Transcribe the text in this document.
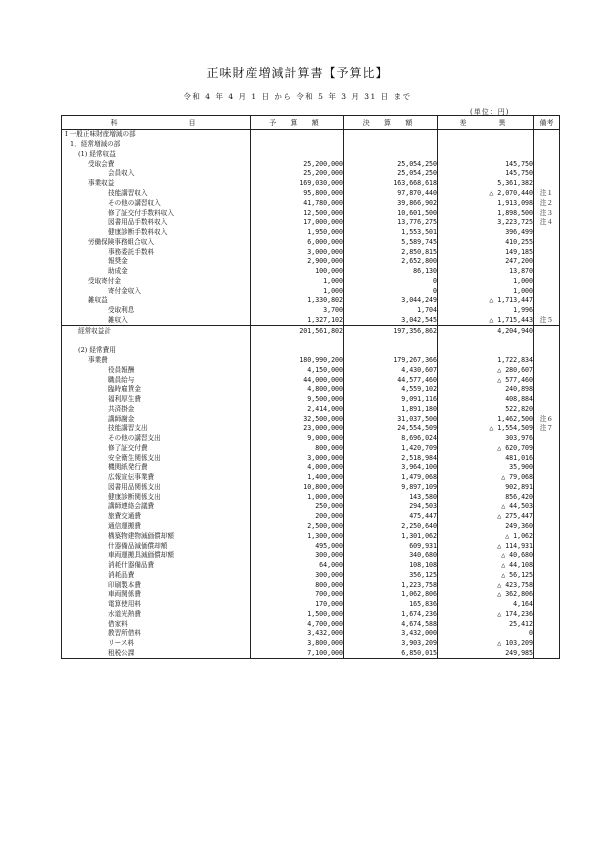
正味財産増減計算書【予算比】
令和 4 年 4 月 1 日 から 令和 5 年 3 月 31 日 まで
(単位：円)
科　　　　　目	予 算 額	決 算 額	差　　異	備考
Ⅰ 一般正味財産増減の部				
1．経常増減の部				
(1) 経常収益				
受取会費	25,200,000	25,054,250	145,750	
会員収入	25,200,000	25,054,250	145,750	
事業収益	169,030,000	163,668,618	5,361,382	
技能講習収入	95,800,000	97,870,440	△ 2,070,440	注１
その他の講習収入	41,780,000	39,866,902	1,913,098	注２
修了証交付手数料収入	12,500,000	10,601,500	1,898,500	注３
図書用品手数料収入	17,000,000	13,776,275	3,223,725	注４
健康診断手数料収入	1,950,000	1,553,501	396,499	
労働保険事務組合収入	6,000,000	5,589,745	410,255	
事務委託手数料	3,000,000	2,850,815	149,185	
報奨金	2,900,000	2,652,800	247,200	
助成金	100,000	86,130	13,870	
受取寄付金	1,000	0	1,000	
寄付金収入	1,000	0	1,000	
雑収益	1,330,802	3,044,249	△ 1,713,447	
受取利息	3,700	1,704	1,996	
雑収入	1,327,102	3,042,545	△ 1,715,443	注５
経常収益計	201,561,802	197,356,862	4,204,940	

(2) 経常費用				
事業費	180,990,200	179,267,366	1,722,834	
役員報酬	4,150,000	4,430,607	△ 280,607	
職員給与	44,000,000	44,577,460	△ 577,460	
臨時雇賃金	4,800,000	4,559,102	240,898	
福利厚生費	9,500,000	9,091,116	408,884	
共済掛金	2,414,000	1,891,180	522,820	
講師謝金	32,500,000	31,037,500	1,462,500	注６
技能講習支出	23,000,000	24,554,509	△ 1,554,509	注７
その他の講習支出	9,000,000	8,696,024	303,976	
修了証交付費	800,000	1,420,709	△ 620,709	
安全衛生関係支出	3,000,000	2,518,984	481,016	
機関紙発行費	4,000,000	3,964,100	35,900	
広報宣伝事業費	1,400,000	1,479,068	△ 79,068	
図書用品関係支出	10,800,000	9,897,109	902,891	
健康診断関係支出	1,000,000	143,580	856,420	
講師連絡会議費	250,000	294,503	△ 44,503	
旅費交通費	200,000	475,447	△ 275,447	
通信運搬費	2,500,000	2,250,640	249,360	
構築物建物減価償却額	1,300,000	1,301,062	△ 1,062	
什器備品減価償却額	495,000	609,931	△ 114,931	
車両運搬具減価償却額	300,000	340,680	△ 40,680	
消耗什器備品費	64,000	108,108	△ 44,108	
消耗品費	300,000	356,125	△ 56,125	
印刷製本費	800,000	1,223,758	△ 423,758	
車両関係費	700,000	1,062,806	△ 362,806	
電算使用料	170,000	165,836	4,164	
水道光熱費	1,500,000	1,674,236	△ 174,236	
借家料	4,700,000	4,674,588	25,412	
教習所借料	3,432,000	3,432,000	0	
リース料	3,800,000	3,903,209	△ 103,209	
租税公課	7,100,000	6,850,015	249,985	
